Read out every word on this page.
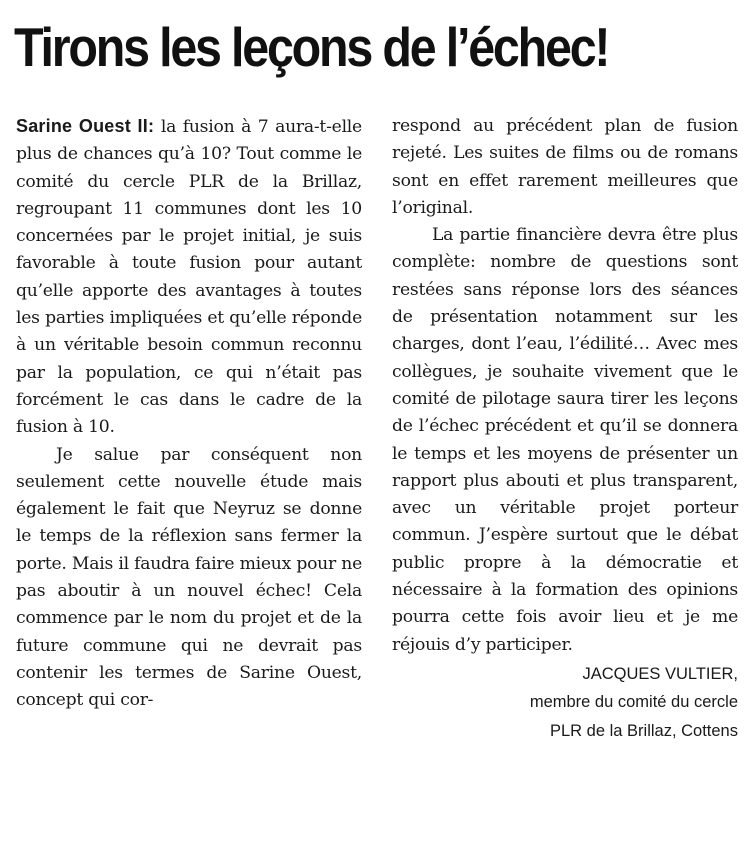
Tirons les leçons de l’échec!

Sarine Ouest II: la fusion à 7 aura-t-elle plus de chances qu’à 10? Tout comme le comité du cercle PLR de la Brillaz, regroupant 11 communes dont les 10 concernées par le projet initial, je suis favorable à toute fusion pour autant qu’elle apporte des avantages à toutes les parties impliquées et qu’elle réponde à un véritable besoin commun reconnu par la population, ce qui n’était pas forcément le cas dans le cadre de la fusion à 10.

Je salue par conséquent non seulement cette nouvelle étude mais également le fait que Neyruz se donne le temps de la réflexion sans fermer la porte. Mais il faudra faire mieux pour ne pas aboutir à un nouvel échec! Cela commence par le nom du projet et de la future commune qui ne devrait pas contenir les termes de Sarine Ouest, concept qui cor-

respond au précédent plan de fusion rejeté. Les suites de films ou de romans sont en effet rarement meilleures que l’original.

La partie financière devra être plus complète: nombre de questions sont restées sans réponse lors des séances de présentation notamment sur les charges, dont l’eau, l’édilité… Avec mes collègues, je souhaite vivement que le comité de pilotage saura tirer les leçons de l’échec précédent et qu’il se donnera le temps et les moyens de présenter un rapport plus abouti et plus transparent, avec un véritable projet porteur commun. J’espère surtout que le débat public propre à la démocratie et nécessaire à la formation des opinions pourra cette fois avoir lieu et je me réjouis d’y participer.

JACQUES VULTIER,
membre du comité du cercle
PLR de la Brillaz, Cottens
